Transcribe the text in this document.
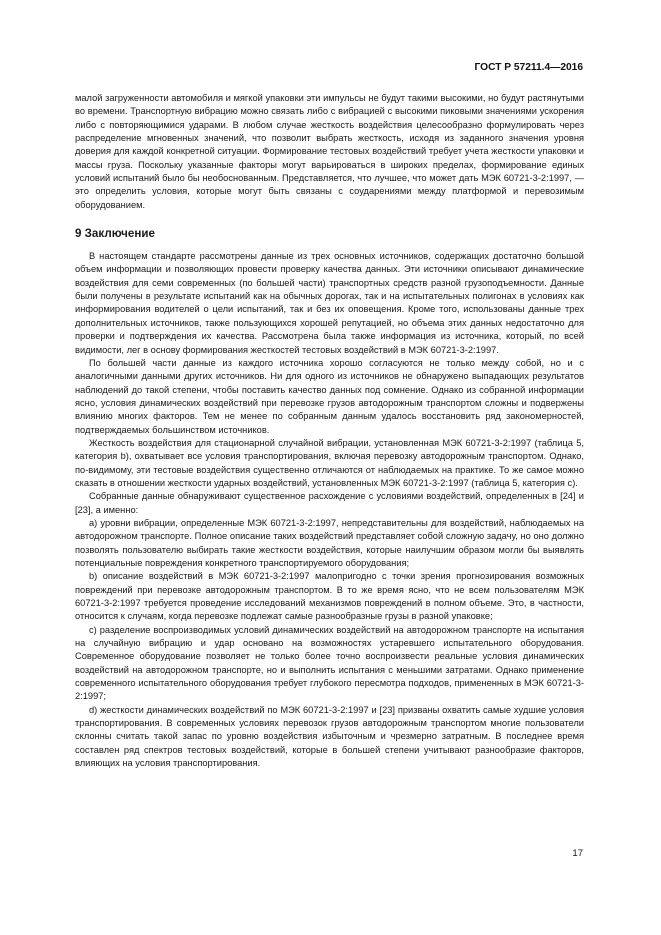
ГОСТ Р 57211.4—2016

малой загруженности автомобиля и мягкой упаковки эти импульсы не будут такими высокими, но будут растянутыми во времени. Транспортную вибрацию можно связать либо с вибрацией с высокими пиковыми значениями ускорения либо с повторяющимися ударами. В любом случае жесткость воздействия целесообразно формулировать через распределение мгновенных значений, что позволит выбрать жесткость, исходя из заданного значения уровня доверия для каждой конкретной ситуации. Формирование тестовых воздействий требует учета жесткости упаковки и массы груза. Поскольку указанные факторы могут варьироваться в широких пределах, формирование единых условий испытаний было бы необоснованным. Представляется, что лучшее, что может дать МЭК 60721-3-2:1997, — это определить условия, которые могут быть связаны с соударениями между платформой и перевозимым оборудованием.

9 Заключение

В настоящем стандарте рассмотрены данные из трех основных источников, содержащих достаточно большой объем информации и позволяющих провести проверку качества данных. Эти источники описывают динамические воздействия для семи современных (по большей части) транспортных средств разной грузоподъемности. Данные были получены в результате испытаний как на обычных дорогах, так и на испытательных полигонах в условиях как информирования водителей о цели испытаний, так и без их оповещения. Кроме того, использованы данные трех дополнительных источников, также пользующихся хорошей репутацией, но объема этих данных недостаточно для проверки и подтверждения их качества. Рассмотрена была также информация из источника, который, по всей видимости, лег в основу формирования жесткостей тестовых воздействий в МЭК 60721-3-2:1997.

По большей части данные из каждого источника хорошо согласуются не только между собой, но и с аналогичными данными других источников. Ни для одного из источников не обнаружено выпадающих результатов наблюдений до такой степени, чтобы поставить качество данных под сомнение. Однако из собранной информации ясно, условия динамических воздействий при перевозке грузов автодорожным транспортом сложны и подвержены влиянию многих факторов. Тем не менее по собранным данным удалось восстановить ряд закономерностей, подтверждаемых большинством источников.

Жесткость воздействия для стационарной случайной вибрации, установленная МЭК 60721-3-2:1997 (таблица 5, категория b), охватывает все условия транспортирования, включая перевозку автодорожным транспортом. Однако, по-видимому, эти тестовые воздействия существенно отличаются от наблюдаемых на практике. То же самое можно сказать в отношении жесткости ударных воздействий, установленных МЭК 60721-3-2:1997 (таблица 5, категория c).

Собранные данные обнаруживают существенное расхождение с условиями воздействий, определенных в [24] и [23], а именно:

а) уровни вибрации, определенные МЭК 60721-3-2:1997, непредставительны для воздействий, наблюдаемых на автодорожном транспорте. Полное описание таких воздействий представляет собой сложную задачу, но оно должно позволять пользователю выбирать такие жесткости воздействия, которые наилучшим образом могли бы выявлять потенциальные повреждения конкретного транспортируемого оборудования;

b) описание воздействий в МЭК 60721-3-2:1997 малопригодно с точки зрения прогнозирования возможных повреждений при перевозке автодорожным транспортом. В то же время ясно, что не всем пользователям МЭК 60721-3-2:1997 требуется проведение исследований механизмов повреждений в полном объеме. Это, в частности, относится к случаям, когда перевозке подлежат самые разнообразные грузы в разной упаковке;

c) разделение воспроизводимых условий динамических воздействий на автодорожном транспорте на испытания на случайную вибрацию и удар основано на возможностях устаревшего испытательного оборудования. Современное оборудование позволяет не только более точно воспроизвести реальные условия динамических воздействий на автодорожном транспорте, но и выполнить испытания с меньшими затратами. Однако применение современного испытательного оборудования требует глубокого пересмотра подходов, примененных в МЭК 60721-3-2:1997;

d) жесткости динамических воздействий по МЭК 60721-3-2:1997 и [23] призваны охватить самые худшие условия транспортирования. В современных условиях перевозок грузов автодорожным транспортом многие пользователи склонны считать такой запас по уровню воздействия избыточным и чрезмерно затратным. В последнее время составлен ряд спектров тестовых воздействий, которые в большей степени учитывают разнообразие факторов, влияющих на условия транспортирования.

17
